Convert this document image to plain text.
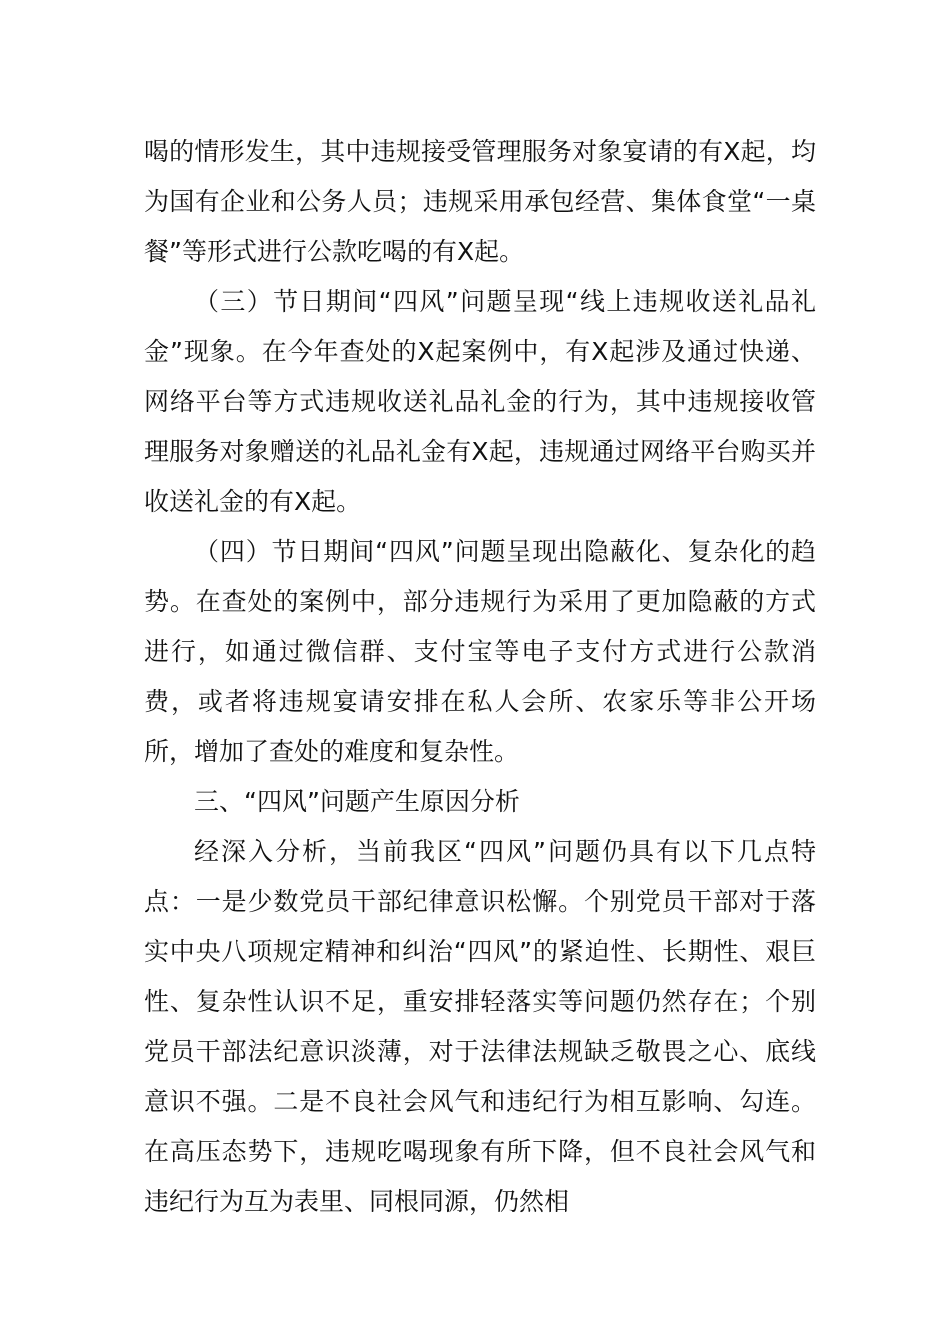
喝的情形发生，其中违规接受管理服务对象宴请的有Ⅹ起，均为国有企业和公务人员；违规采用承包经营、集体食堂“一桌餐”等形式进行公款吃喝的有Ⅹ起。

（三）节日期间“四风”问题呈现“线上违规收送礼品礼金”现象。在今年查处的Ⅹ起案例中，有Ⅹ起涉及通过快递、网络平台等方式违规收送礼品礼金的行为，其中违规接收管理服务对象赠送的礼品礼金有Ⅹ起，违规通过网络平台购买并收送礼金的有Ⅹ起。

（四）节日期间“四风”问题呈现出隐蔽化、复杂化的趋势。在查处的案例中，部分违规行为采用了更加隐蔽的方式进行，如通过微信群、支付宝等电子支付方式进行公款消费，或者将违规宴请安排在私人会所、农家乐等非公开场所，增加了查处的难度和复杂性。

三、“四风”问题产生原因分析

经深入分析，当前我区“四风”问题仍具有以下几点特点：一是少数党员干部纪律意识松懈。个别党员干部对于落实中央八项规定精神和纠治“四风”的紧迫性、长期性、艰巨性、复杂性认识不足，重安排轻落实等问题仍然存在；个别党员干部法纪意识淡薄，对于法律法规缺乏敬畏之心、底线意识不强。二是不良社会风气和违纪行为相互影响、勾连。在高压态势下，违规吃喝现象有所下降，但不良社会风气和违纪行为互为表里、同根同源，仍然相
